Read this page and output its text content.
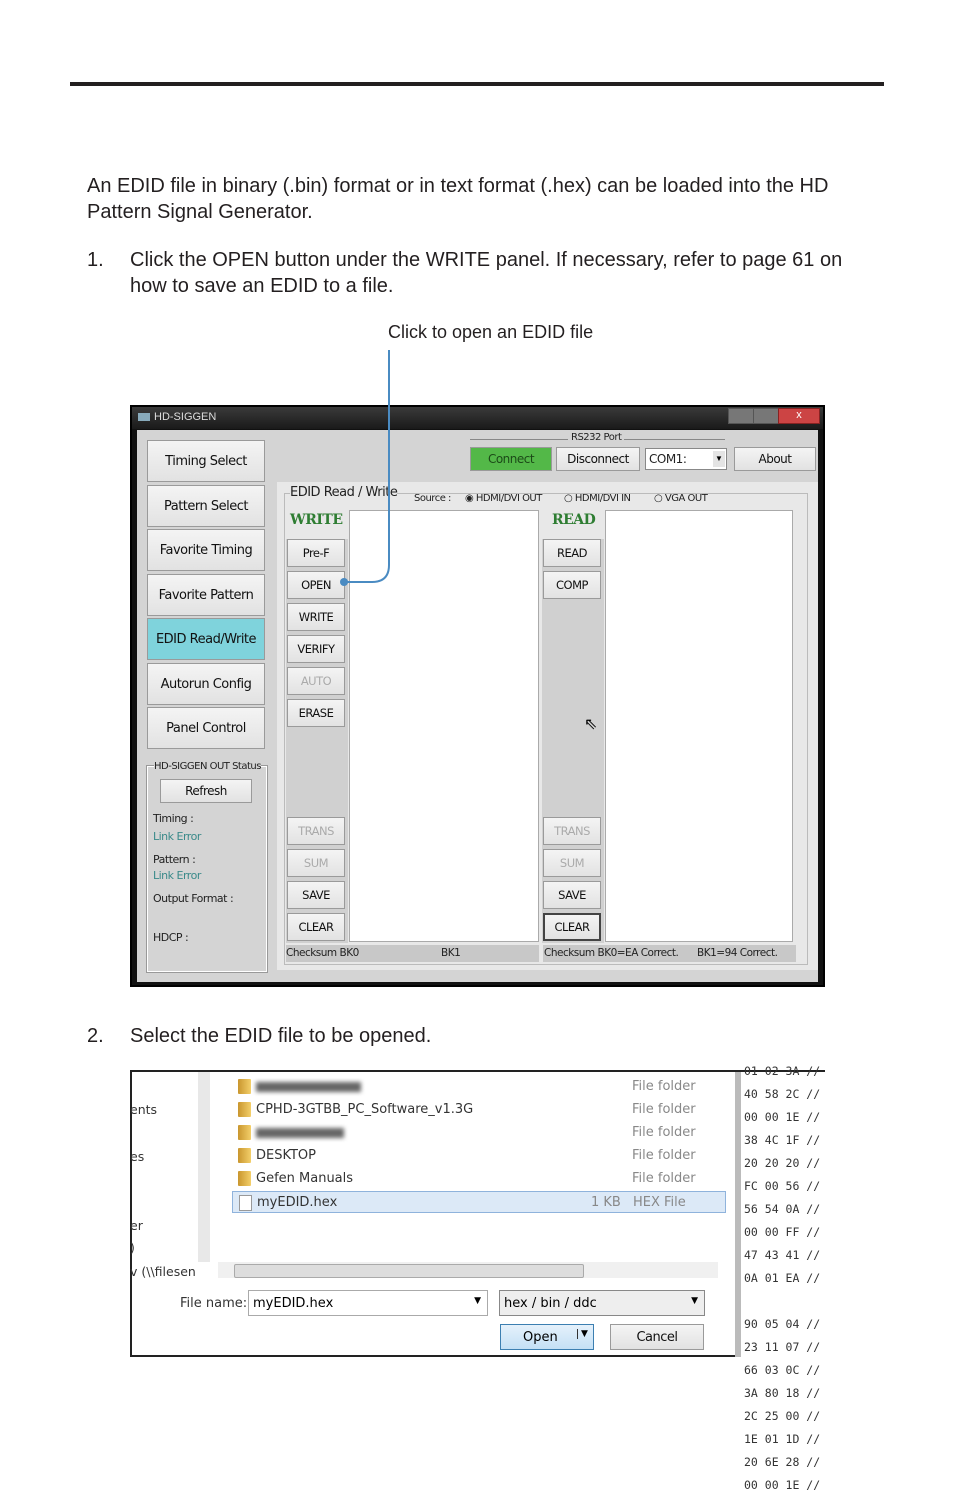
An EDID file in binary (.bin) format or in text format (.hex) can be loaded into the HD Pattern Signal Generator.
1. Click the OPEN button under the WRITE panel. If necessary, refer to page 61 on how to save an EDID to a file.
Click to open an EDID file
HD-SIGGEN	x
Timing Select
Pattern Select
Favorite Timing
Favorite Pattern
EDID Read/Write
Autorun Config
Panel Control
HD-SIGGEN OUT Status
Refresh
Timing :
Link Error
Pattern :
Link Error
Output Format :
HDCP :
RS232 Port
Connect	Disconnect	COM1:	▼	About
EDID Read / Write Source : ◉ HDMI/DVI OUT ○ HDMI/DVI IN ○ VGA OUT
WRITE	READ
Pre-F
OPEN
WRITE
VERIFY
AUTO
ERASE
TRANS
SUM
SAVE
CLEAR
READ
COMP
TRANS
SUM
SAVE
CLEAR
Checksum BK0	BK1	Checksum BK0=EA Correct. BK1=94 Correct.
⇖
2. Select the EDID file to be opened.
ents
es
er
)
v (\\filesen
File folder
CPHD-3GTBB_PC_Software_v1.3G	File folder
File folder
DESKTOP	File folder
Gefen Manuals	File folder
myEDID.hex	1 KB HEX File
File name: myEDID.hex	▼	hex / bin / ddc	▼
Open	▼	Cancel
01 02 3A //
40 58 2C //
00 00 1E //
38 4C 1F //
20 20 20 //
FC 00 56 //
56 54 0A //
00 00 FF //
47 43 41 //
0A 01 EA //
90 05 04 //
23 11 07 //
66 03 0C //
3A 80 18 //
2C 25 00 //
1E 01 1D //
20 6E 28 //
00 00 1E //
